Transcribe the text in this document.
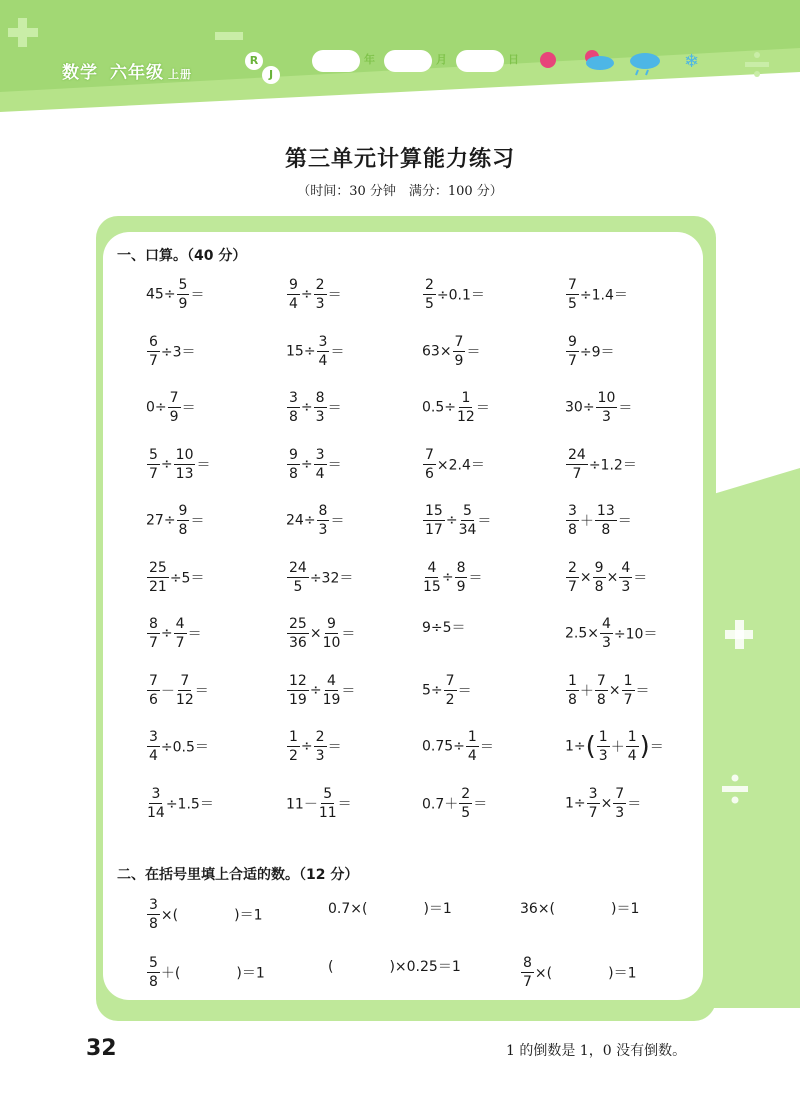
❄
数学 六年级 上册
R
J
年	月	日
第三单元计算能力练习
（时间：30 分钟　满分：100 分）
一、口算。（40 分）
二、在括号里填上合适的数。（12 分）
$45\div \frac{5}{9}$ ＝	$\frac{9}{4} \div \frac{2}{3}$ ＝	$\frac{2}{5} \div 0.1=$	$\frac{7}{5} \div 1.4=$
$\frac{6}{7} \div 3=$	$15\div \frac{3}{4}$ ＝	$63\times \frac{7}{9}$ ＝	$\frac{9}{7} \div 9=$
$0\div \frac{7}{9}$ ＝	$\frac{3}{8} \div \frac{8}{3}$ ＝	$0.5\div \frac{1}{12}$ ＝	$30\div \frac{10}{3}$ ＝
$\frac{5}{7} \div \frac{10}{13}$ ＝	$\frac{9}{8} \div \frac{3}{4}$ ＝	$\frac{7}{6} \times 2.4=$	$\frac{24}{7} \div 1.2=$
$27\div \frac{9}{8}$ ＝	$24\div \frac{8}{3}$ ＝	$\frac{15}{17} \div \frac{5}{34}$ ＝	$\frac{3}{8} + \frac{13}{8}$ ＝
$\frac{25}{21} \div 5=$	$\frac{24}{5} \div 32=$	$\frac{4}{15} \div \frac{8}{9}$ ＝	$\frac{2}{7} \times \frac{9}{8} \times \frac{4}{3}$ ＝
$\frac{8}{7} \div \frac{4}{7}$ ＝	$\frac{25}{36} \times \frac{9}{10}$ ＝	9÷5＝	$2.5\times \frac{4}{3} \div 10=$
$\frac{7}{6} - \frac{7}{12}$ ＝	$\frac{12}{19} \div \frac{4}{19}$ ＝	$5\div \frac{7}{2}$ ＝	$\frac{1}{8} + \frac{7}{8} \times \frac{1}{7}$ ＝
$\frac{3}{4} \div 0.5=$	$\frac{1}{2} \div \frac{2}{3}$ ＝	$0.75\div \frac{1}{4}$ ＝	$1\div( \frac{1}{3} + \frac{1}{4}$ )＝
$\frac{3}{14} \div 1.5=$	$11- \frac{5}{11}$ ＝	$0.7+ \frac{2}{5}$ ＝	$1\div \frac{3}{7} \times \frac{7}{3}$ ＝
$\frac{3}{8}$ ×(　　　　)＝1	0.7×(　　　　)＝1	36×(　　　　)＝1
$\frac{5}{8}$ ＋(　　　　)＝1	(　　　　)×0.25＝1	$\frac{8}{7}$ ×(　　　　)＝1
32	1 的倒数是 1，0 没有倒数。
